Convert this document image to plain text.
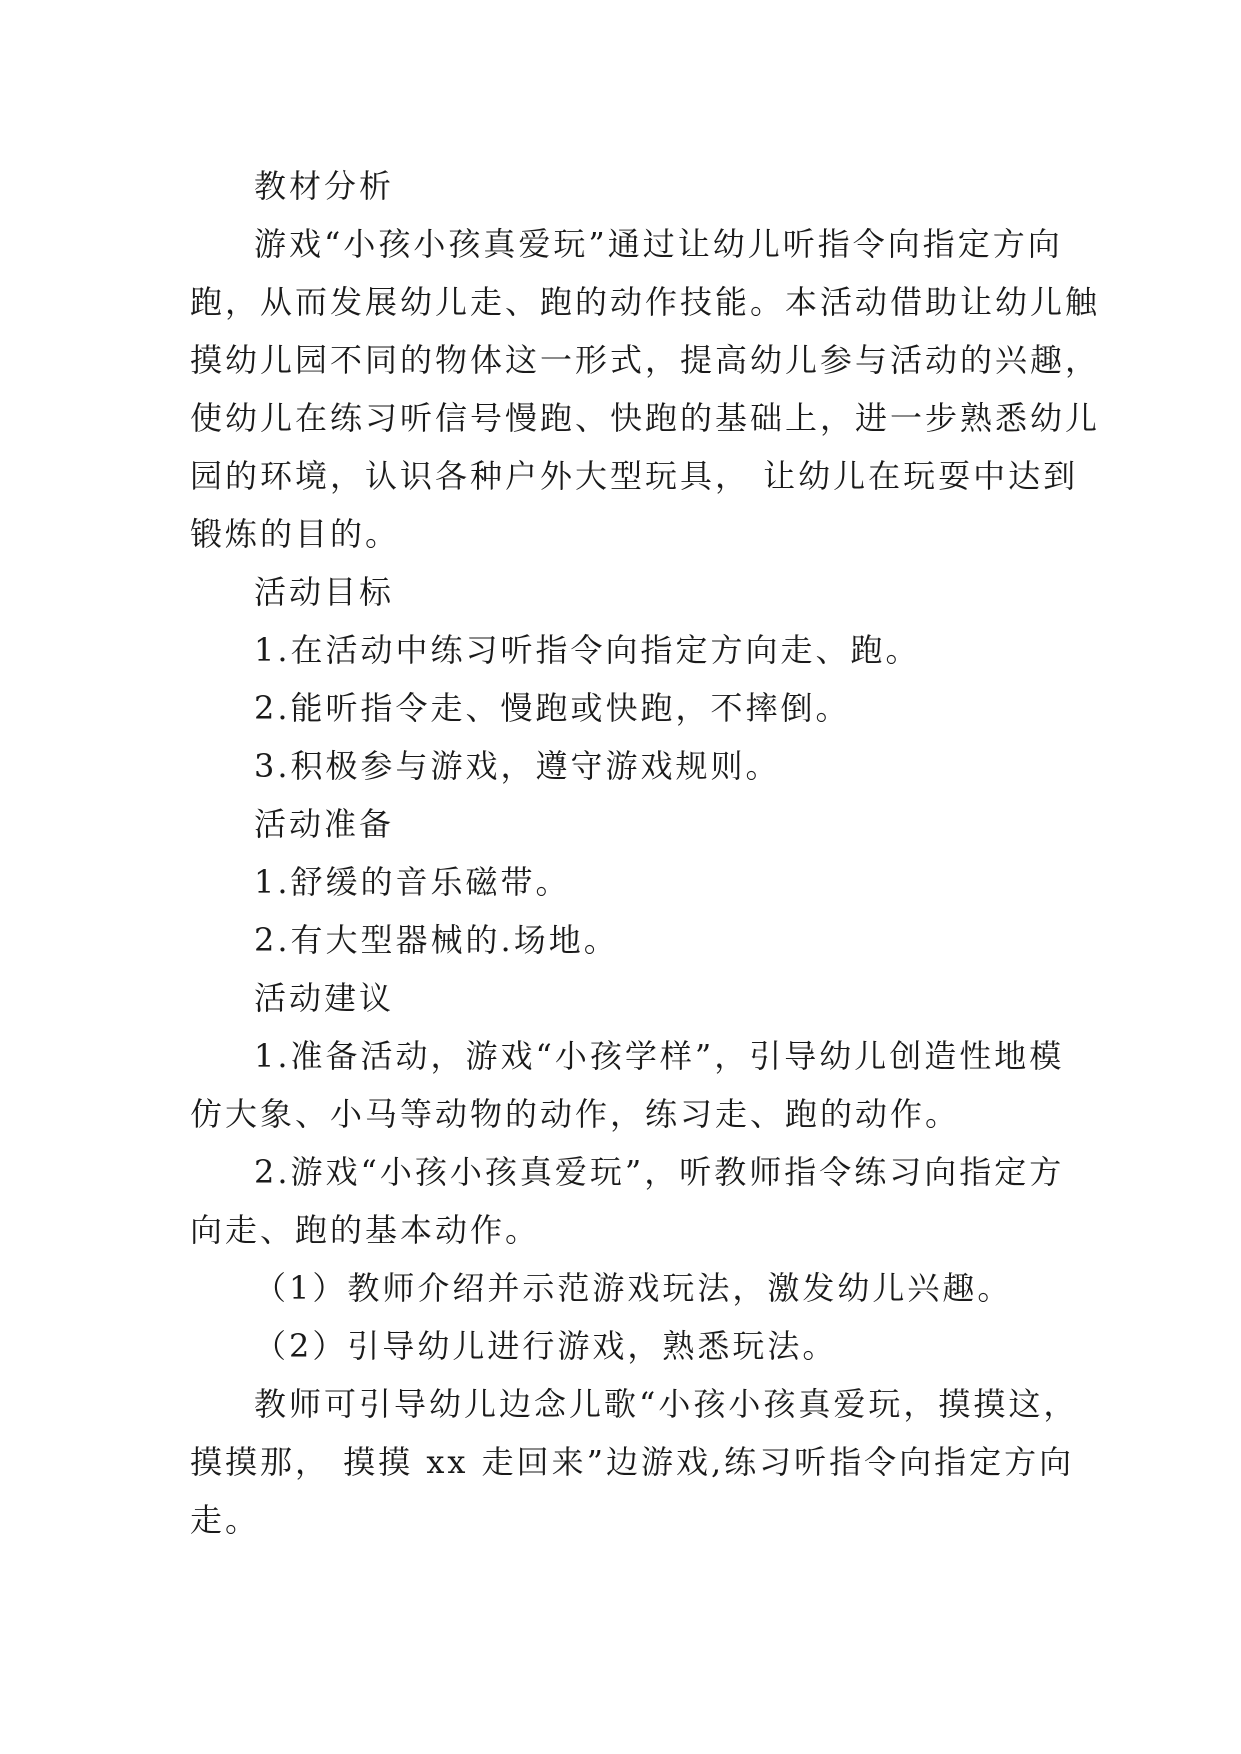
教材分析
游戏“小孩小孩真爱玩”通过让幼儿听指令向指定方向
跑，从而发展幼儿走、跑的动作技能。本活动借助让幼儿触
摸幼儿园不同的物体这一形式，提高幼儿参与活动的兴趣，
使幼儿在练习听信号慢跑、快跑的基础上，进一步熟悉幼儿
园的环境，认识各种户外大型玩具， 让幼儿在玩耍中达到
锻炼的目的。
活动目标
1.在活动中练习听指令向指定方向走、跑。
2.能听指令走、慢跑或快跑，不摔倒。
3.积极参与游戏，遵守游戏规则。
活动准备
1.舒缓的音乐磁带。
2.有大型器械的.场地。
活动建议
1.准备活动，游戏“小孩学样”，引导幼儿创造性地模
仿大象、小马等动物的动作，练习走、跑的动作。
2.游戏“小孩小孩真爱玩”，听教师指令练习向指定方
向走、跑的基本动作。
（1）教师介绍并示范游戏玩法，激发幼儿兴趣。
（2）引导幼儿进行游戏，熟悉玩法。
教师可引导幼儿边念儿歌“小孩小孩真爱玩，摸摸这，
摸摸那， 摸摸 xx 走回来”边游戏,练习听指令向指定方向
走。
